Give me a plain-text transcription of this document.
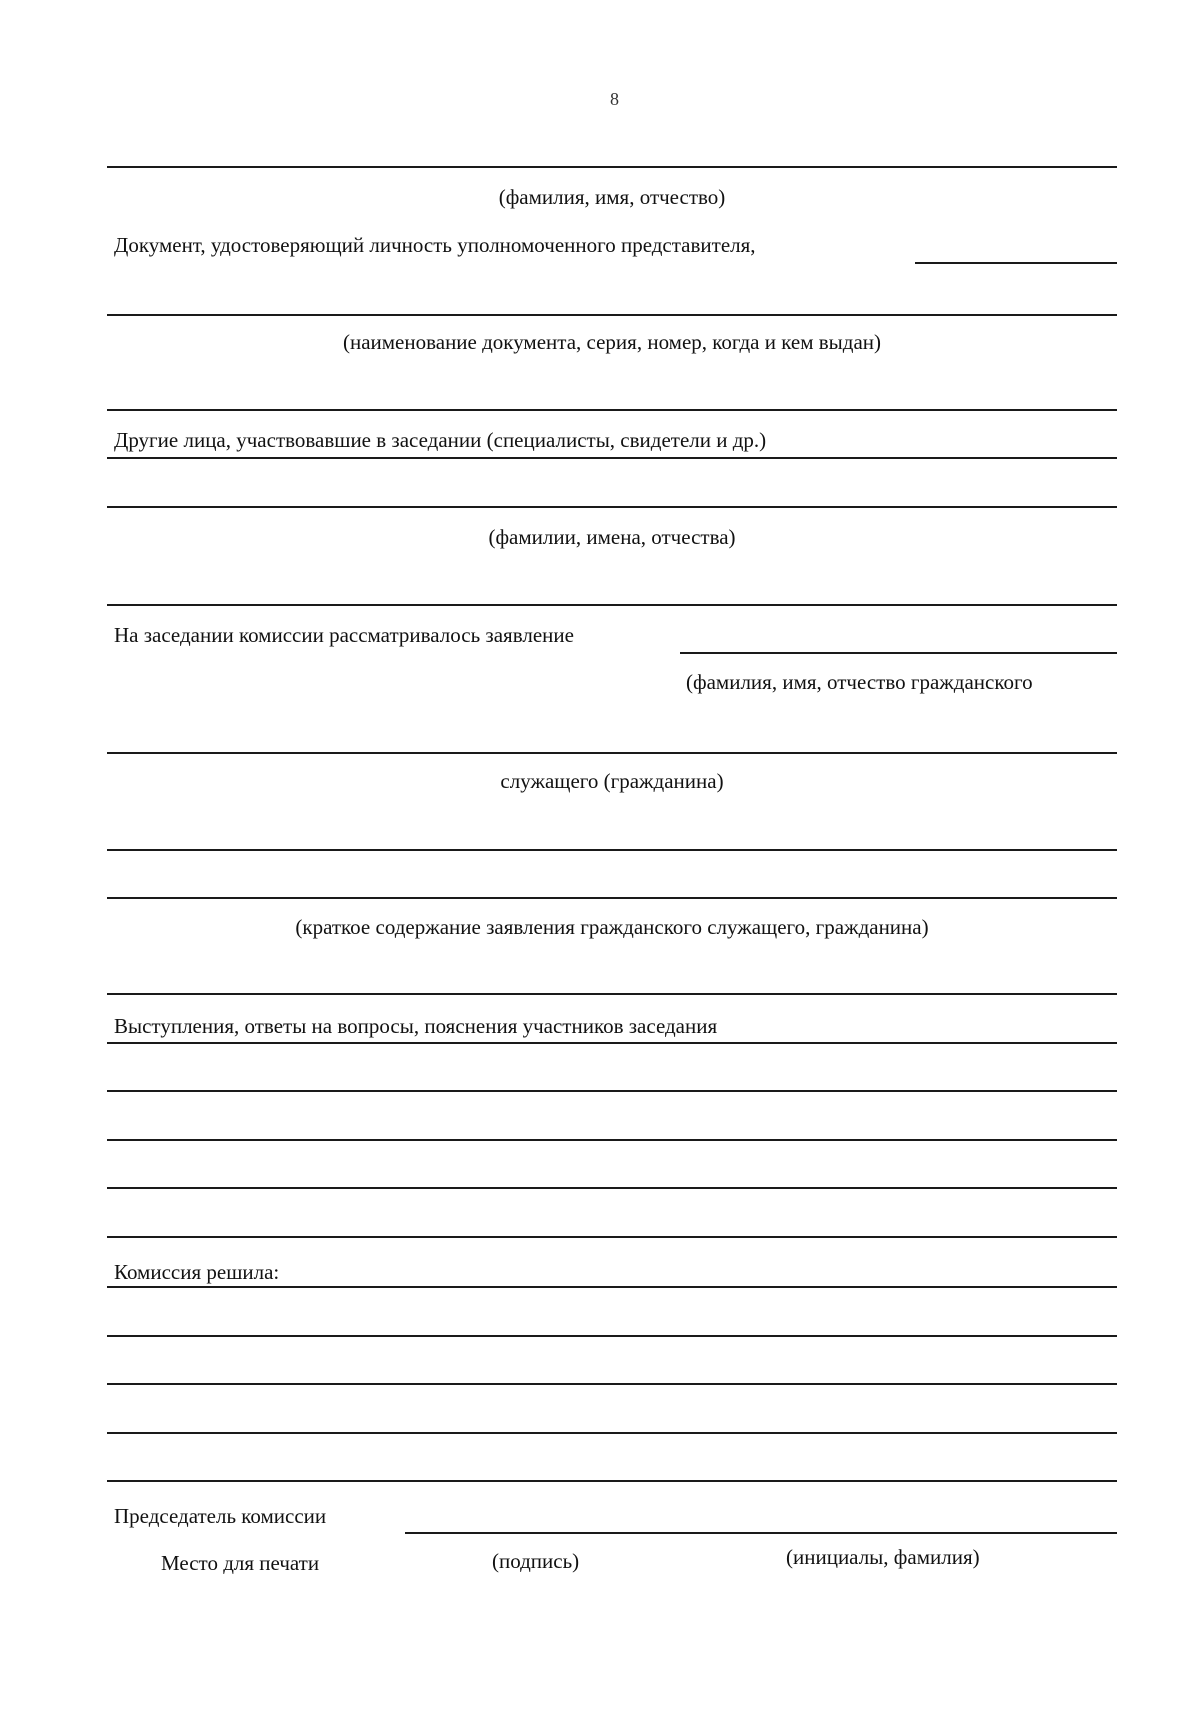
8
(фамилия, имя, отчество)
Документ, удостоверяющий личность уполномоченного представителя,
(наименование документа, серия, номер, когда и кем выдан)
Другие лица, участвовавшие в заседании (специалисты, свидетели и др.)
(фамилии, имена, отчества)
На заседании комиссии рассматривалось заявление
(фамилия, имя, отчество гражданского
служащего (гражданина)
(краткое содержание заявления гражданского служащего, гражданина)
Выступления, ответы на вопросы, пояснения участников заседания
Комиссия решила:
Председатель комиссии
Место для печати	(подпись)	(инициалы, фамилия)
